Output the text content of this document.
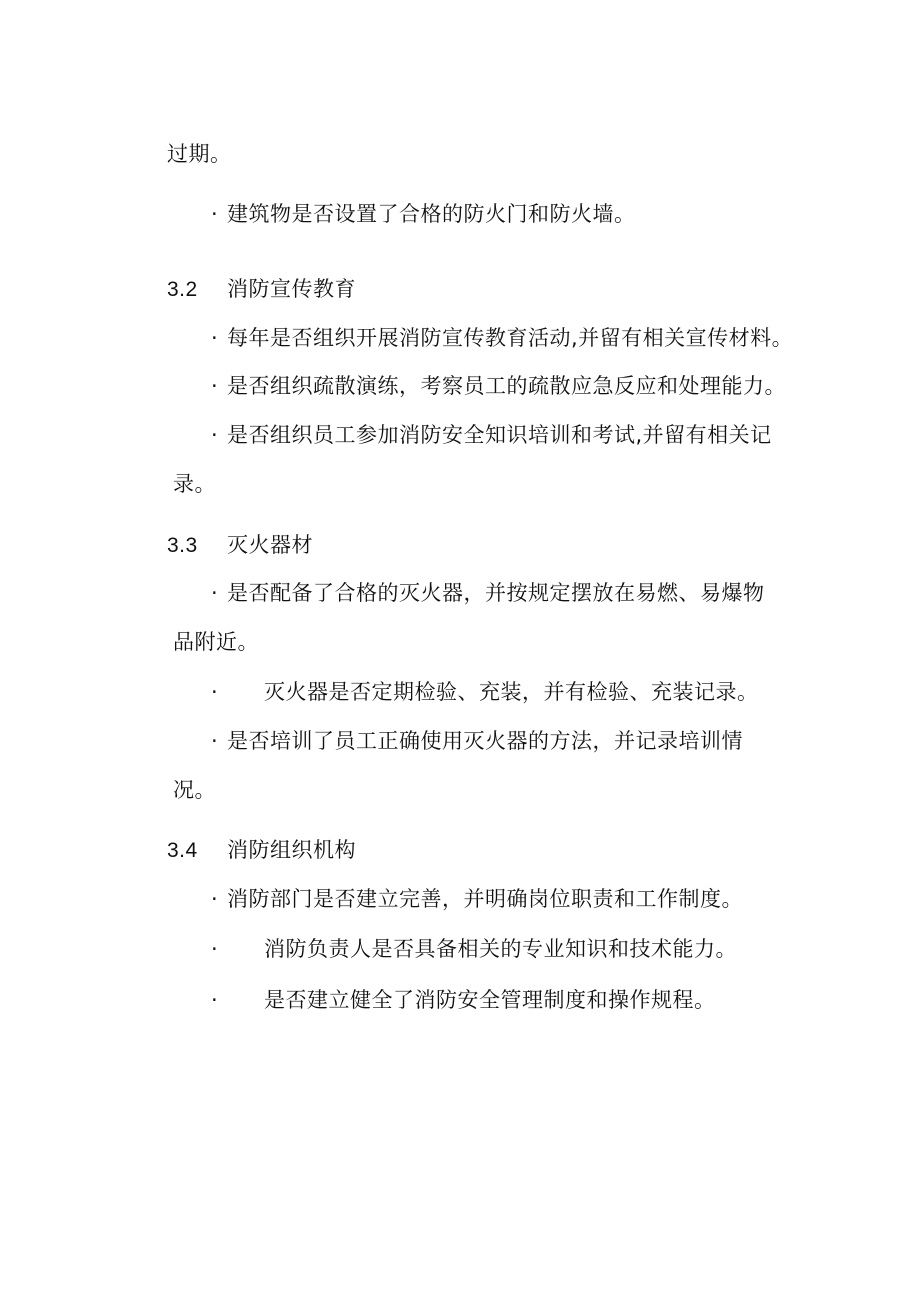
过期。
· 建筑物是否设置了合格的防火门和防火墙。
3.2 消防宣传教育
· 每年是否组织开展消防宣传教育活动,并留有相关宣传材料。
· 是否组织疏散演练，考察员工的疏散应急反应和处理能力。
· 是否组织员工参加消防安全知识培训和考试,并留有相关记
录。
3.3 灭火器材
· 是否配备了合格的灭火器，并按规定摆放在易燃、易爆物
品附近。
· 灭火器是否定期检验、充装，并有检验、充装记录。
· 是否培训了员工正确使用灭火器的方法，并记录培训情
况。
3.4 消防组织机构
· 消防部门是否建立完善，并明确岗位职责和工作制度。
· 消防负责人是否具备相关的专业知识和技术能力。
· 是否建立健全了消防安全管理制度和操作规程。
